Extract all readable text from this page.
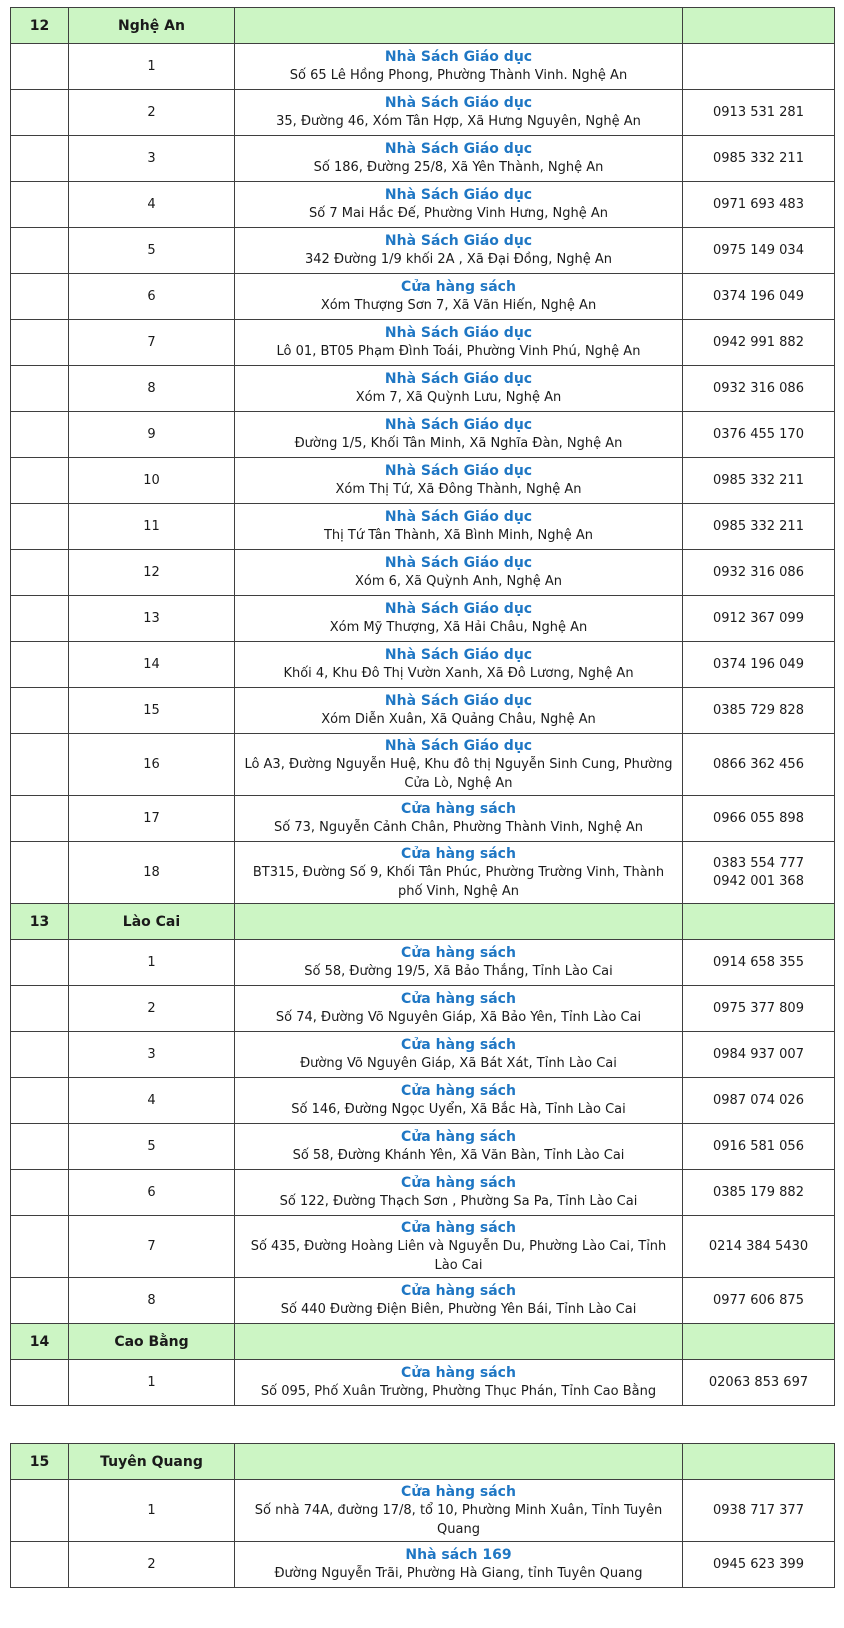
12	Nghệ An		
	1	Nhà Sách Giáo dục
Số 65 Lê Hồng Phong, Phường Thành Vinh. Nghệ An	

	2	Nhà Sách Giáo dục
35, Đường 46, Xóm Tân Hợp, Xã Hưng Nguyên, Nghệ An	0913 531 281

	3	Nhà Sách Giáo dục
Số 186, Đường 25/8, Xã Yên Thành, Nghệ An	0985 332 211

	4	Nhà Sách Giáo dục
Số 7 Mai Hắc Đế, Phường Vinh Hưng, Nghệ An	0971 693 483

	5	Nhà Sách Giáo dục
342 Đường 1/9 khối 2A , Xã Đại Đồng, Nghệ An	0975 149 034

	6	Cửa hàng sách
Xóm Thượng Sơn 7, Xã Văn Hiến, Nghệ An	0374 196 049

	7	Nhà Sách Giáo dục
Lô 01, BT05 Phạm Đình Toái, Phường Vinh Phú, Nghệ An	0942 991 882

	8	Nhà Sách Giáo dục
Xóm 7, Xã Quỳnh Lưu, Nghệ An	0932 316 086

	9	Nhà Sách Giáo dục
Đường 1/5, Khối Tân Minh, Xã Nghĩa Đàn, Nghệ An	0376 455 170

	10	Nhà Sách Giáo dục
Xóm Thị Tứ, Xã Đông Thành, Nghệ An	0985 332 211

	11	Nhà Sách Giáo dục
Thị Tứ Tân Thành, Xã Bình Minh, Nghệ An	0985 332 211

	12	Nhà Sách Giáo dục
Xóm 6, Xã Quỳnh Anh, Nghệ An	0932 316 086

	13	Nhà Sách Giáo dục
Xóm Mỹ Thượng, Xã Hải Châu, Nghệ An	0912 367 099

	14	Nhà Sách Giáo dục
Khối 4, Khu Đô Thị Vườn Xanh, Xã Đô Lương, Nghệ An	0374 196 049

	15	Nhà Sách Giáo dục
Xóm Diễn Xuân, Xã Quảng Châu, Nghệ An	0385 729 828

	16	Nhà Sách Giáo dục
Lô A3, Đường Nguyễn Huệ, Khu đô thị Nguyễn Sinh Cung, Phường Cửa Lò, Nghệ An	0866 362 456

	17	Cửa hàng sách
Số 73, Nguyễn Cảnh Chân, Phường Thành Vinh, Nghệ An	0966 055 898

	18	Cửa hàng sách
BT315, Đường Số 9, Khối Tân Phúc, Phường Trường Vinh, Thành phố Vinh, Nghệ An	0383 554 777
0942 001 368

13	Lào Cai		
	1	Cửa hàng sách
Số 58, Đường 19/5, Xã Bảo Thắng, Tỉnh Lào Cai	0914 658 355

	2	Cửa hàng sách
Số 74, Đường Võ Nguyên Giáp, Xã Bảo Yên, Tỉnh Lào Cai	0975 377 809

	3	Cửa hàng sách
Đường Võ Nguyên Giáp, Xã Bát Xát, Tỉnh Lào Cai	0984 937 007

	4	Cửa hàng sách
Số 146, Đường Ngọc Uyển, Xã Bắc Hà, Tỉnh Lào Cai	0987 074 026

	5	Cửa hàng sách
Số 58, Đường Khánh Yên, Xã Văn Bàn, Tỉnh Lào Cai	0916 581 056

	6	Cửa hàng sách
Số 122, Đường Thạch Sơn , Phường Sa Pa, Tỉnh Lào Cai	0385 179 882

	7	Cửa hàng sách
Số 435, Đường Hoàng Liên và Nguyễn Du, Phường Lào Cai, Tỉnh Lào Cai	0214 384 5430

	8	Cửa hàng sách
Số 440 Đường Điện Biên, Phường Yên Bái, Tỉnh Lào Cai	0977 606 875

14	Cao Bằng		
	1	Cửa hàng sách
Số 095, Phố Xuân Trường, Phường Thục Phán, Tỉnh Cao Bằng	02063 853 697
15	Tuyên Quang		
	1	Cửa hàng sách
Số nhà 74A, đường 17/8, tổ 10, Phường Minh Xuân, Tỉnh Tuyên Quang	0938 717 377

	2	Nhà sách 169
Đường Nguyễn Trãi, Phường Hà Giang, tỉnh Tuyên Quang	0945 623 399
